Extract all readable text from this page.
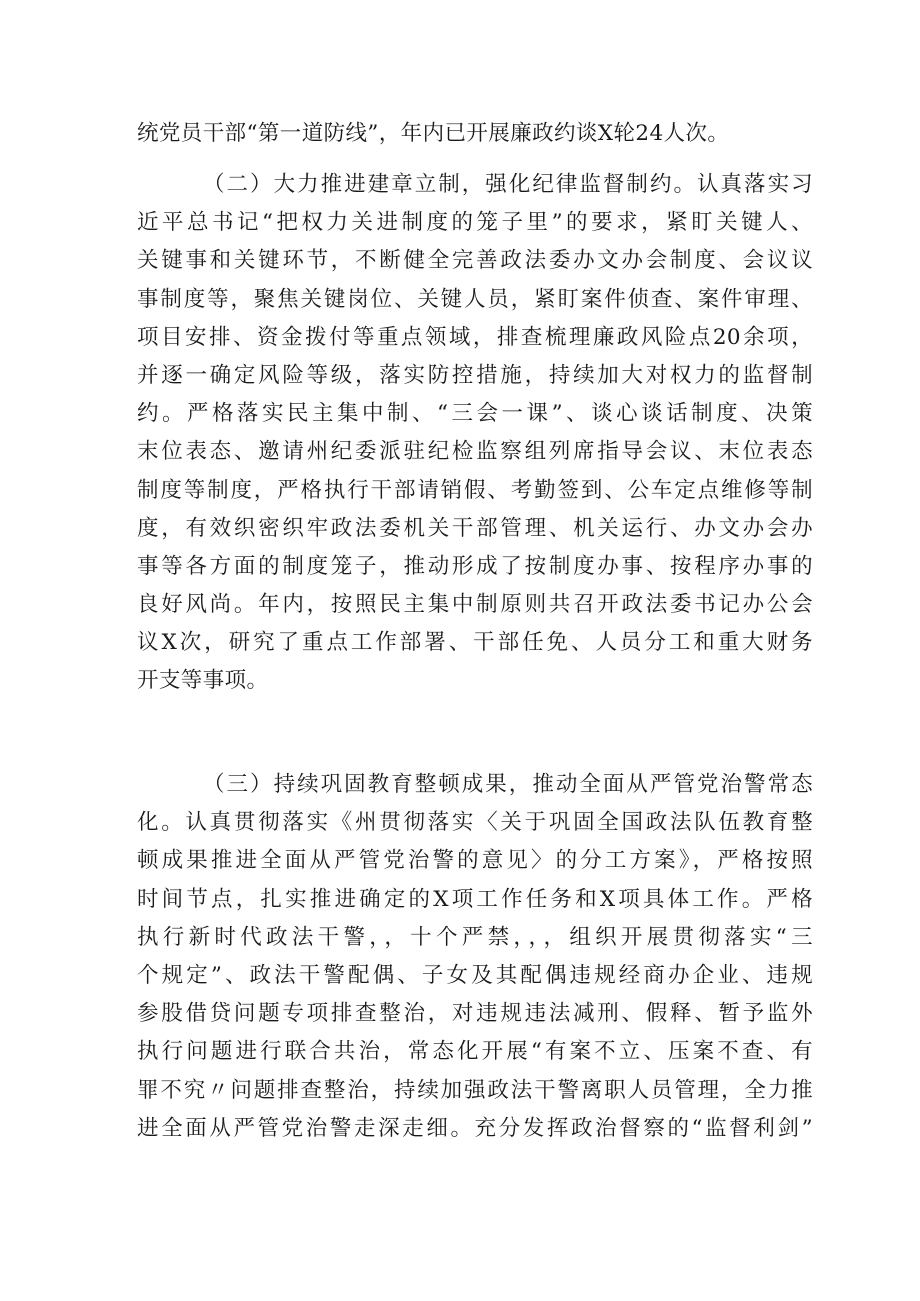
统党员干部“第一道防线”，年内已开展廉政约谈X轮24人次。
（二）大力推进建章立制，强化纪律监督制约。认真落实习
近平总书记“把权力关进制度的笼子里”的要求，紧盯关键人、
关键事和关键环节，不断健全完善政法委办文办会制度、会议议
事制度等，聚焦关键岗位、关键人员，紧盯案件侦查、案件审理、
项目安排、资金拨付等重点领域，排查梳理廉政风险点20余项，
并逐一确定风险等级，落实防控措施，持续加大对权力的监督制
约。严格落实民主集中制、“三会一课”、谈心谈话制度、决策
末位表态、邀请州纪委派驻纪检监察组列席指导会议、末位表态
制度等制度，严格执行干部请销假、考勤签到、公车定点维修等制
度，有效织密织牢政法委机关干部管理、机关运行、办文办会办
事等各方面的制度笼子，推动形成了按制度办事、按程序办事的
良好风尚。年内，按照民主集中制原则共召开政法委书记办公会
议X次，研究了重点工作部署、干部任免、人员分工和重大财务
开支等事项。
（三）持续巩固教育整顿成果，推动全面从严管党治警常态
化。认真贯彻落实《州贯彻落实〈关于巩固全国政法队伍教育整
顿成果推进全面从严管党治警的意见〉的分工方案》，严格按照
时间节点，扎实推进确定的X项工作任务和X项具体工作。严格
执行新时代政法干警，，十个严禁，，，组织开展贯彻落实“三
个规定”、政法干警配偶、子女及其配偶违规经商办企业、违规
参股借贷问题专项排查整治，对违规违法减刑、假释、暂予监外
执行问题进行联合共治，常态化开展“有案不立、压案不查、有
罪不究〃问题排查整治，持续加强政法干警离职人员管理，全力推
进全面从严管党治警走深走细。充分发挥政治督察的“监督利剑”
